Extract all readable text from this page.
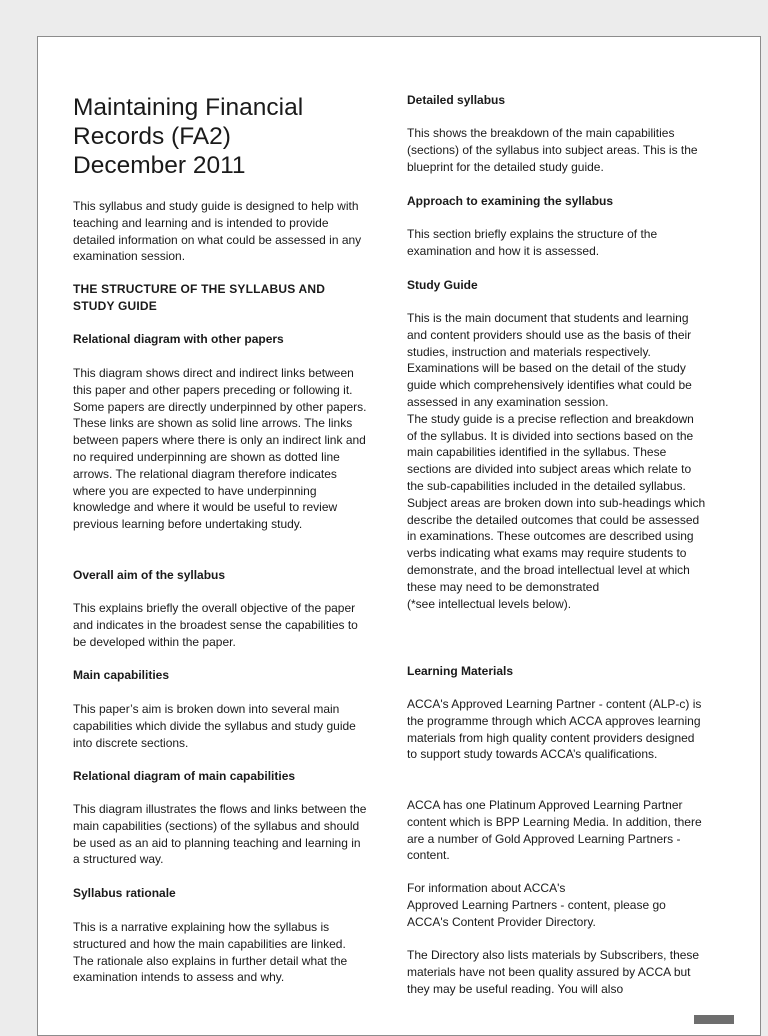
Maintaining Financial
Records (FA2)
December 2011

This syllabus and study guide is designed to help with teaching and learning and is intended to provide detailed information on what could be assessed in any examination session.

THE STRUCTURE OF THE SYLLABUS AND STUDY GUIDE
Relational diagram with other papers

This diagram shows direct and indirect links between this paper and other papers preceding or following it. Some papers are directly underpinned by other papers. These links are shown as solid line arrows. The links between papers where there is only an indirect link and no required underpinning are shown as dotted line arrows. The relational diagram therefore indicates where you are expected to have underpinning knowledge and where it would be useful to review previous learning before undertaking study.

Overall aim of the syllabus

This explains briefly the overall objective of the paper and indicates in the broadest sense the capabilities to be developed within the paper.

Main capabilities

This paper’s aim is broken down into several main capabilities which divide the syllabus and study guide into discrete sections.

Relational diagram of main capabilities

This diagram illustrates the flows and links between the main capabilities (sections) of the syllabus and should be used as an aid to planning teaching and learning in a structured way.

Syllabus rationale

This is a narrative explaining how the syllabus is structured and how the main capabilities are linked. The rationale also explains in further detail what the examination intends to assess and why.

Detailed syllabus

This shows the breakdown of the main capabilities (sections) of the syllabus into subject areas. This is the blueprint for the detailed study guide.

Approach to examining the syllabus

This section briefly explains the structure of the examination and how it is assessed.

Study Guide

This is the main document that students and learning and content providers should use as the basis of their studies, instruction and materials respectively.

Examinations will be based on the detail of the study guide which comprehensively identifies what could be assessed in any examination session.

The study guide is a precise reflection and breakdown of the syllabus. It is divided into sections based on the main capabilities identified in the syllabus. These sections are divided into subject areas which relate to the sub-capabilities included in the detailed syllabus. Subject areas are broken down into sub-headings which describe the detailed outcomes that could be assessed in examinations. These outcomes are described using verbs indicating what exams may require students to demonstrate, and the broad intellectual level at which these may need to be demonstrated

(*see intellectual levels below).

Learning Materials

ACCA's Approved Learning Partner - content (ALP-c) is the programme through which ACCA approves learning materials from high quality content providers designed to support study towards ACCA’s qualifications.

ACCA has one Platinum Approved Learning Partner content which is BPP Learning Media. In addition, there are a number of Gold Approved Learning Partners - content.

For information about ACCA's

Approved Learning Partners - content, please go ACCA's Content Provider Directory.

The Directory also lists materials by Subscribers, these materials have not been quality assured by ACCA but they may be useful reading. You will also
